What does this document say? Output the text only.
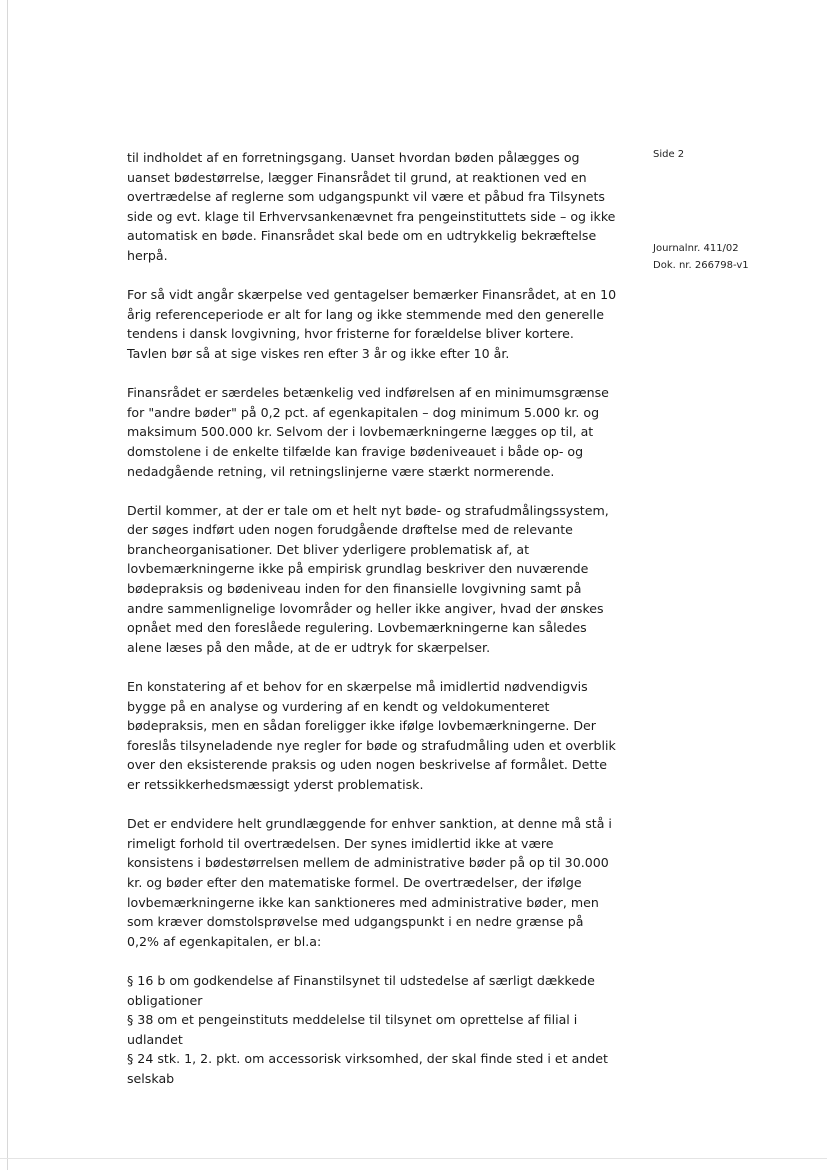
Side 2

Journalnr. 411/02

Dok. nr. 266798-v1

til indholdet af en forretningsgang. Uanset hvordan bøden pålægges og uanset bødestørrelse, lægger Finansrådet til grund, at reaktionen ved en overtrædelse af reglerne som udgangspunkt vil være et påbud fra Tilsynets side og evt. klage til Erhvervsankenævnet fra pengeinstituttets side – og ikke automatisk en bøde. Finansrådet skal bede om en udtrykkelig bekræftelse herpå.

For så vidt angår skærpelse ved gentagelser bemærker Finansrådet, at en 10 årig referenceperiode er alt for lang og ikke stemmende med den generelle tendens i dansk lovgivning, hvor fristerne for forældelse bliver kortere. Tavlen bør så at sige viskes ren efter 3 år og ikke efter 10 år.

Finansrådet er særdeles betænkelig ved indførelsen af en minimumsgrænse for "andre bøder" på 0,2 pct. af egenkapitalen – dog minimum 5.000 kr. og maksimum 500.000 kr. Selvom der i lovbemærkningerne lægges op til, at domstolene i de enkelte tilfælde kan fravige bødeniveauet i både op- og nedadgående retning, vil retningslinjerne være stærkt normerende.

Dertil kommer, at der er tale om et helt nyt bøde- og strafudmålingssystem, der søges indført uden nogen forudgående drøftelse med de relevante brancheorganisationer. Det bliver yderligere problematisk af, at lovbemærkningerne ikke på empirisk grundlag beskriver den nuværende bødepraksis og bødeniveau inden for den finansielle lovgivning samt på andre sammenlignelige lovområder og heller ikke angiver, hvad der ønskes opnået med den foreslåede regulering. Lovbemærkningerne kan således alene læses på den måde, at de er udtryk for skærpelser.

En konstatering af et behov for en skærpelse må imidlertid nødvendigvis bygge på en analyse og vurdering af en kendt og veldokumenteret bødepraksis, men en sådan foreligger ikke ifølge lovbemærkningerne. Der foreslås tilsyneladende nye regler for bøde og strafudmåling uden et overblik over den eksisterende praksis og uden nogen beskrivelse af formålet. Dette er retssikkerhedsmæssigt yderst problematisk.

Det er endvidere helt grundlæggende for enhver sanktion, at denne må stå i rimeligt forhold til overtrædelsen. Der synes imidlertid ikke at være konsistens i bødestørrelsen mellem de administrative bøder på op til 30.000 kr. og bøder efter den matematiske formel. De overtrædelser, der ifølge lovbemærkningerne ikke kan sanktioneres med administrative bøder, men som kræver domstolsprøvelse med udgangspunkt i en nedre grænse på 0,2% af egenkapitalen, er bl.a:

§ 16 b om godkendelse af Finanstilsynet til udstedelse af særligt dækkede obligationer

§ 38 om et pengeinstituts meddelelse til tilsynet om oprettelse af filial i udlandet

§ 24 stk. 1, 2. pkt. om accessorisk virksomhed, der skal finde sted i et andet selskab
